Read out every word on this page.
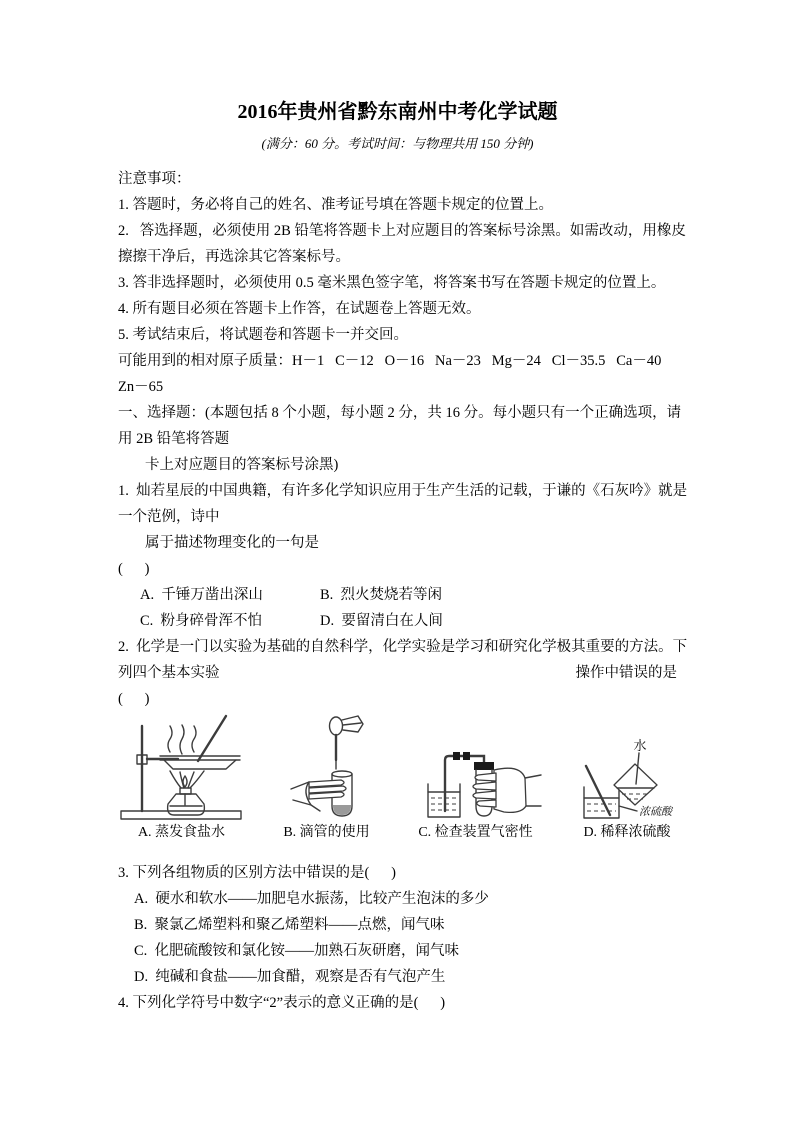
2016年贵州省黔东南州中考化学试题
(满分：60 分。考试时间：与物理共用 150 分钟)
注意事项：
1. 答题时，务必将自己的姓名、准考证号填在答题卡规定的位置上。
2.   答选择题，必须使用 2B 铅笔将答题卡上对应题目的答案标号涂黑。如需改动，用橡皮
擦擦干净后，再选涂其它答案标号。
3. 答非选择题时，必须使用 0.5 毫米黑色签字笔，将答案书写在答题卡规定的位置上。
4. 所有题目必须在答题卡上作答，在试题卷上答题无效。
5. 考试结束后，将试题卷和答题卡一并交回。
可能用到的相对原子质量：H－1   C－12   O－16   Na－23   Mg－24   Cl－35.5   Ca－40
Zn－65
一、选择题：(本题包括 8 个小题，每小题 2 分，共 16 分。每小题只有一个正确选项，请
用 2B 铅笔将答题
卡上对应题目的答案标号涂黑)
1.  灿若星辰的中国典籍，有许多化学知识应用于生产生活的记载，于谦的《石灰吟》就是
一个范例，诗中
属于描述物理变化的一句是
(      )
A.  千锤万凿出深山	B.  烈火焚烧若等闲
C.  粉身碎骨浑不怕	D.  要留清白在人间
2.  化学是一门以实验为基础的自然科学，化学实验是学习和研究化学极其重要的方法。下
列四个基本实验	操作中错误的是
(      )
A. 蒸发食盐水	B. 滴管的使用	C. 检查装置气密性
水
浓硫酸
D. 稀释浓硫酸
3. 下列各组物质的区别方法中错误的是(      )
A.  硬水和软水——加肥皂水振荡，比较产生泡沫的多少
B.  聚氯乙烯塑料和聚乙烯塑料——点燃，闻气味
C.  化肥硫酸铵和氯化铵——加熟石灰研磨，闻气味
D.  纯碱和食盐——加食醋，观察是否有气泡产生
4. 下列化学符号中数字“2”表示的意义正确的是(      )
